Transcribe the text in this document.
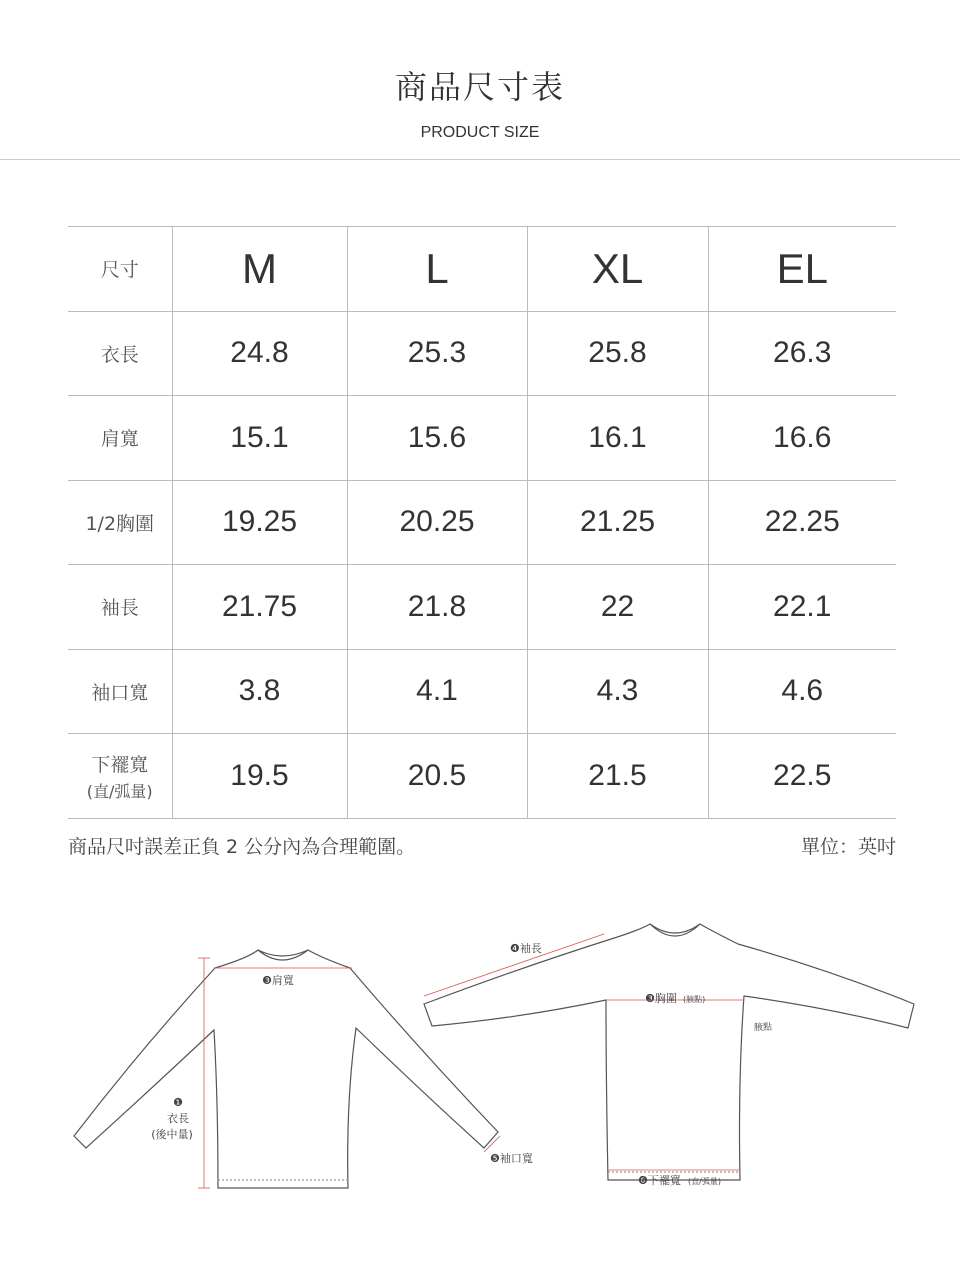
商品尺寸表
PRODUCT SIZE
尺寸	M	L	XL	EL
衣長	24.8	25.3	25.8	26.3
肩寬	15.1	15.6	16.1	16.6
1/2胸圍	19.25	20.25	21.25	22.25
袖長	21.75	21.8	22	22.1
袖口寬	3.8	4.1	4.3	4.6
下襬寬
(直/弧量)	19.5	20.5	21.5	22.5
商品尺吋誤差正負 2 公分內為合理範圍。	單位：英吋
❸肩寬
❶
衣長
(後中量)
❺袖口寬
❹袖長
❸胸圍 (腋點)
腋點
❻下襬寬 (直/弧量)
